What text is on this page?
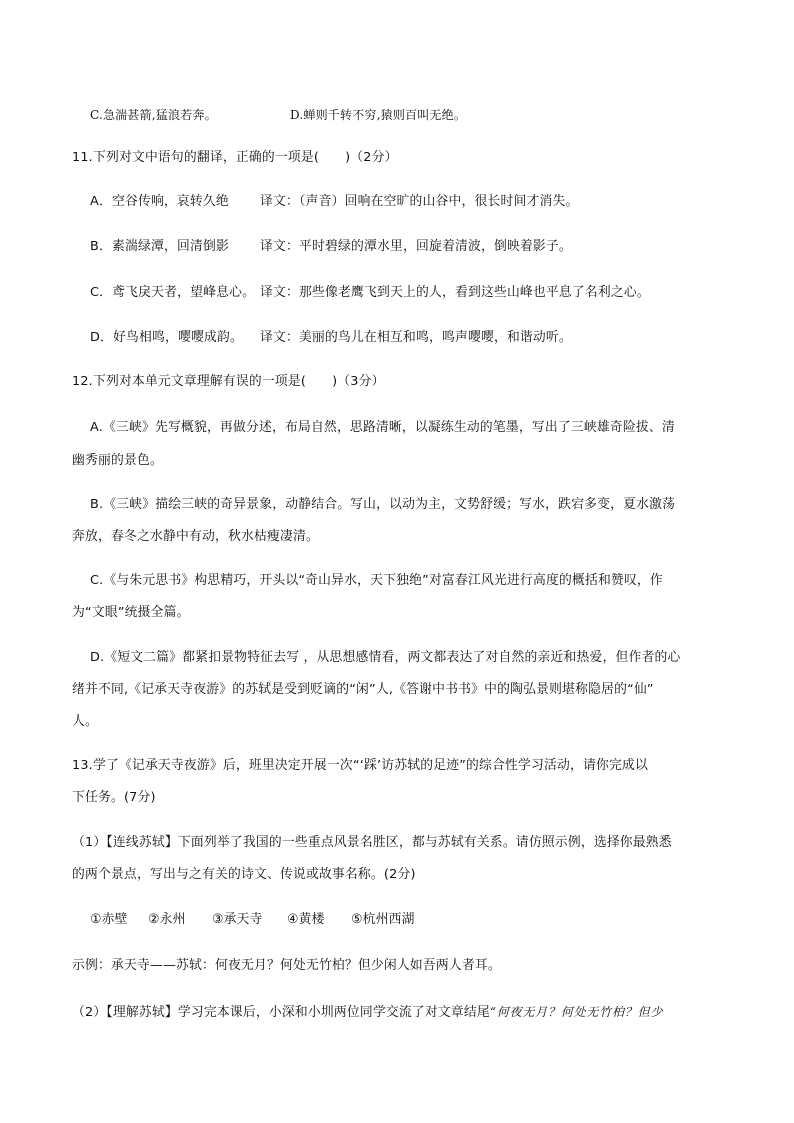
C.急湍甚箭,猛浪若奔。	D.蝉则千转不穷,猿则百叫无绝。
11.下列对文中语句的翻译，正确的一项是(　　)（2分）
A．空谷传响，哀转久绝 译文：（声音）回响在空旷的山谷中，很长时间才消失。
B．素湍绿潭，回清倒影 译文：平时碧绿的潭水里，回旋着清波，倒映着影子。
C．鸢飞戾天者，望峰息心。 译文：那些像老鹰飞到天上的人，看到这些山峰也平息了名利之心。
D．好鸟相鸣，嘤嘤成韵。 译文：美丽的鸟儿在相互和鸣，鸣声嘤嘤，和谐动听。
12.下列对本单元文章理解有误的一项是(　　)（3分）
A.《三峡》先写概貌，再做分述，布局自然，思路清晰，以凝练生动的笔墨，写出了三峡雄奇险拔、清
幽秀丽的景色。
B.《三峡》描绘三峡的奇异景象，动静结合。写山，以动为主，文势舒缓；写水，跌宕多变，夏水激荡
奔放，春冬之水静中有动，秋水枯瘦凄清。
C.《与朱元思书》构思精巧，开头以“奇山异水，天下独绝”对富春江风光进行高度的概括和赞叹，作
为“文眼”统摄全篇。
D.《短文二篇》都紧扣景物特征去写 ，从思想感情看，两文都表达了对自然的亲近和热爱，但作者的心
绪并不同,《记承天寺夜游》的苏轼是受到贬谪的“闲”人,《答谢中书书》中的陶弘景则堪称隐居的“仙”
人。
13.学了《记承天寺夜游》后，班里决定开展一次“‘踩’访苏轼的足迹”的综合性学习活动，请你完成以
下任务。(7分)
（1）【连线苏轼】下面列举了我国的一些重点风景名胜区，都与苏轼有关系。请仿照示例，选择你最熟悉
的两个景点，写出与之有关的诗文、传说或故事名称。(2分)
①赤壁 ②永州 ③承天寺 ④黄楼 ⑤杭州西湖
示例：承天寺——苏轼：何夜无月？何处无竹柏？但少闲人如吾两人者耳。
（2）【理解苏轼】学习完本课后，小深和小圳两位同学交流了对文章结尾“何夜无月？何处无竹柏？但少
